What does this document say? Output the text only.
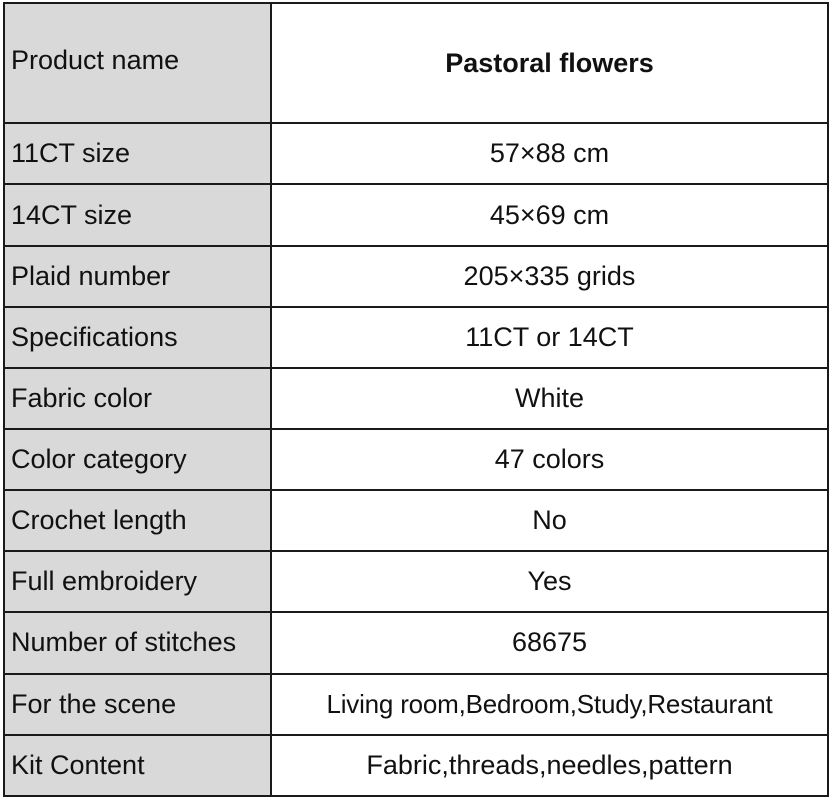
Product name	Pastoral flowers
11CT size	57×88 cm
14CT size	45×69 cm
Plaid number	205×335 grids
Specifications	11CT or 14CT
Fabric color	White
Color category	47 colors
Crochet length	No
Full embroidery	Yes
Number of stitches	68675
For the scene	Living room,Bedroom,Study,Restaurant
Kit Content	Fabric,threads,needles,pattern
